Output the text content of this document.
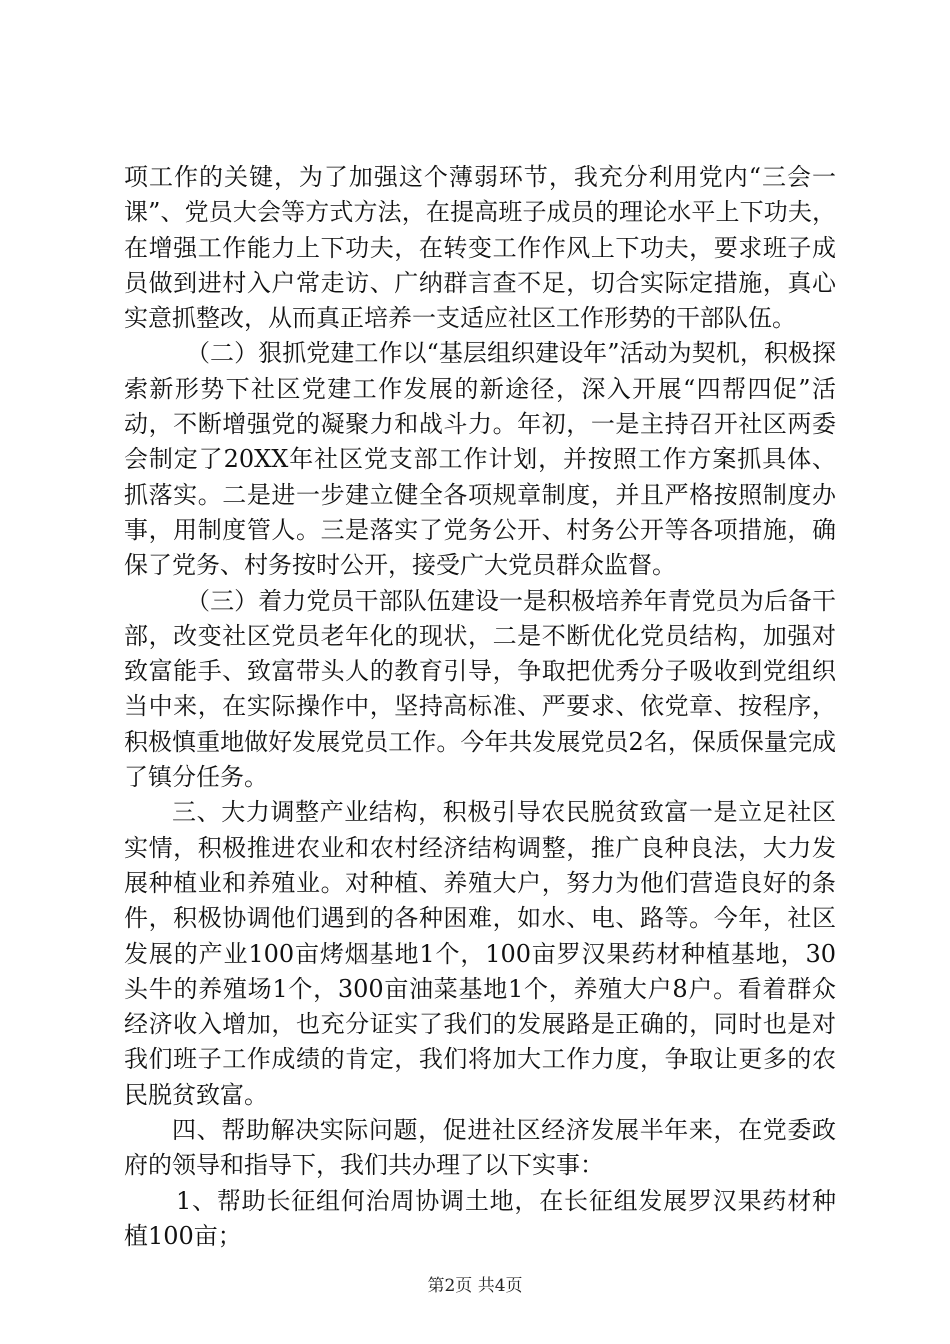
项工作的关键，为了加强这个薄弱环节，我充分利用党内“三会一课”、党员大会等方式方法，在提高班子成员的理论水平上下功夫，在增强工作能力上下功夫，在转变工作作风上下功夫，要求班子成员做到进村入户常走访、广纳群言查不足，切合实际定措施，真心实意抓整改，从而真正培养一支适应社区工作形势的干部队伍。

（二）狠抓党建工作以“基层组织建设年”活动为契机，积极探索新形势下社区党建工作发展的新途径，深入开展“四帮四促”活动，不断增强党的凝聚力和战斗力。年初，一是主持召开社区两委会制定了20XX年社区党支部工作计划，并按照工作方案抓具体、抓落实。二是进一步建立健全各项规章制度，并且严格按照制度办事，用制度管人。三是落实了党务公开、村务公开等各项措施，确保了党务、村务按时公开，接受广大党员群众监督。

（三）着力党员干部队伍建设一是积极培养年青党员为后备干部，改变社区党员老年化的现状，二是不断优化党员结构，加强对致富能手、致富带头人的教育引导，争取把优秀分子吸收到党组织当中来，在实际操作中，坚持高标准、严要求、依党章、按程序，积极慎重地做好发展党员工作。今年共发展党员2名，保质保量完成了镇分任务。

三、大力调整产业结构，积极引导农民脱贫致富一是立足社区实情，积极推进农业和农村经济结构调整，推广良种良法，大力发展种植业和养殖业。对种植、养殖大户，努力为他们营造良好的条件，积极协调他们遇到的各种困难，如水、电、路等。今年，社区发展的产业100亩烤烟基地1个，100亩罗汉果药材种植基地，30头牛的养殖场1个，300亩油菜基地1个，养殖大户8户。看着群众经济收入增加，也充分证实了我们的发展路是正确的，同时也是对我们班子工作成绩的肯定，我们将加大工作力度，争取让更多的农民脱贫致富。

四、帮助解决实际问题，促进社区经济发展半年来，在党委政府的领导和指导下，我们共办理了以下实事：

1、帮助长征组何治周协调土地，在长征组发展罗汉果药材种植100亩；

第2页 共4页
